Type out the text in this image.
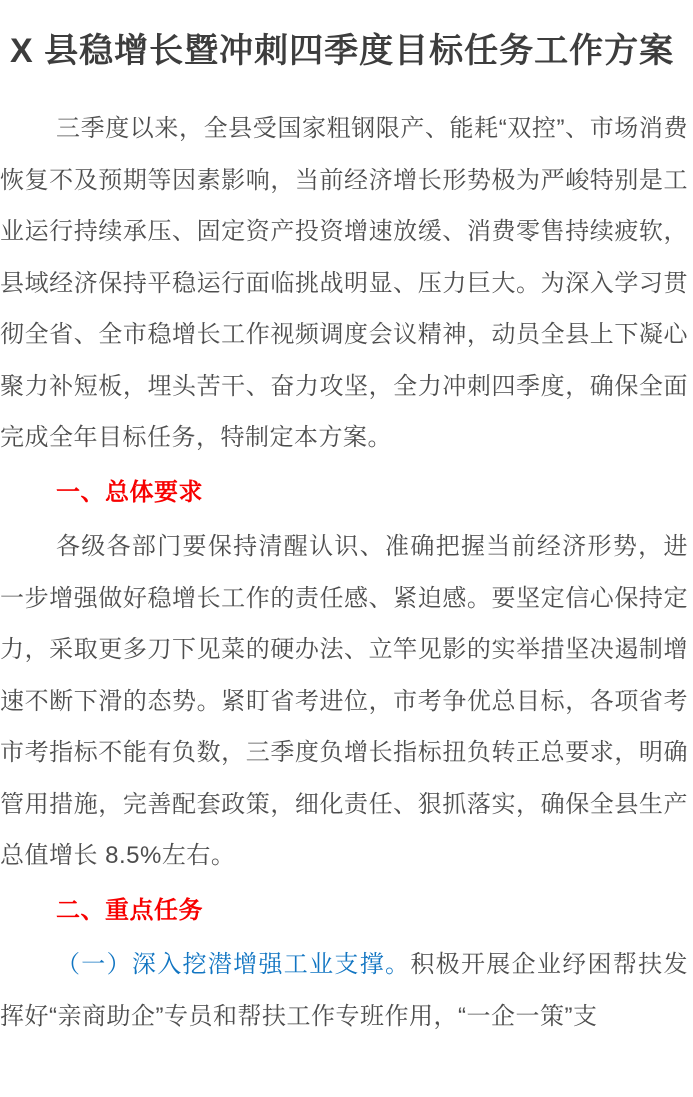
X 县稳增长暨冲刺四季度目标任务工作方案

三季度以来，全县受国家粗钢限产、能耗“双控”、市场消费恢复不及预期等因素影响，当前经济增长形势极为严峻特别是工业运行持续承压、固定资产投资增速放缓、消费零售持续疲软，县域经济保持平稳运行面临挑战明显、压力巨大。为深入学习贯彻全省、全市稳增长工作视频调度会议精神，动员全县上下凝心聚力补短板，埋头苦干、奋力攻坚，全力冲刺四季度，确保全面完成全年目标任务，特制定本方案。

一、总体要求

各级各部门要保持清醒认识、准确把握当前经济形势，进一步增强做好稳增长工作的责任感、紧迫感。要坚定信心保持定力，采取更多刀下见菜的硬办法、立竿见影的实举措坚决遏制增速不断下滑的态势。紧盯省考进位，市考争优总目标，各项省考市考指标不能有负数，三季度负增长指标扭负转正总要求，明确管用措施，完善配套政策，细化责任、狠抓落实，确保全县生产总值增长 8.5%左右。

二、重点任务

（一）深入挖潜增强工业支撑。积极开展企业纾困帮扶发挥好“亲商助企”专员和帮扶工作专班作用，“一企一策”支
